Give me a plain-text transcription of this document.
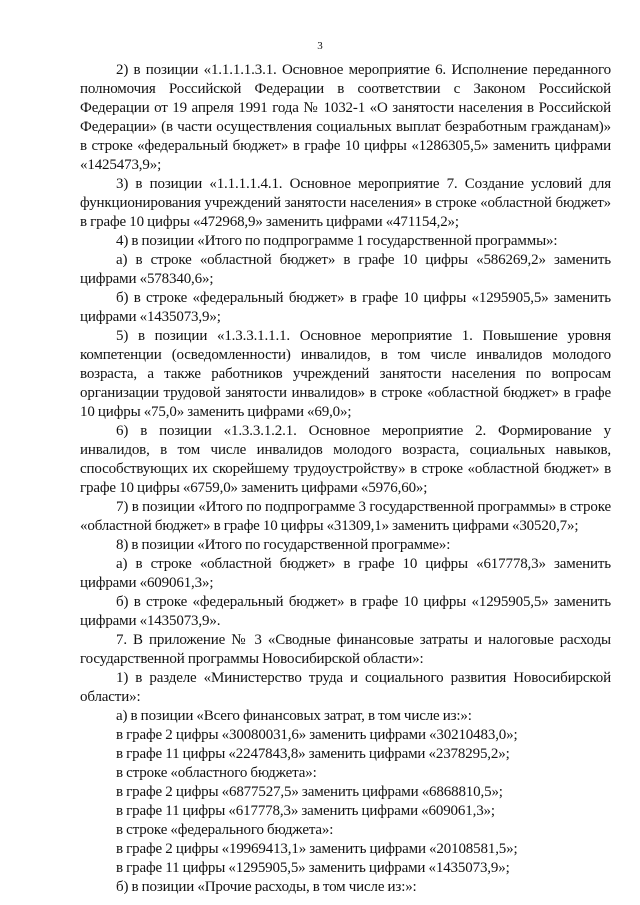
3

2) в позиции «1.1.1.1.3.1. Основное мероприятие 6. Исполнение переданного полномочия Российской Федерации в соответствии с Законом Российской Федерации от 19 апреля 1991 года № 1032-1 «О занятости населения в Российской Федерации» (в части осуществления социальных выплат безработным гражданам)» в строке «федеральный бюджет» в графе 10 цифры «1286305,5» заменить цифрами «1425473,9»;

3) в позиции «1.1.1.1.4.1. Основное мероприятие 7. Создание условий для функционирования учреждений занятости населения» в строке «областной бюджет» в графе 10 цифры «472968,9» заменить цифрами «471154,2»;

4) в позиции «Итого по подпрограмме 1 государственной программы»:

а) в строке «областной бюджет» в графе 10 цифры «586269,2» заменить цифрами «578340,6»;

б) в строке «федеральный бюджет» в графе 10 цифры «1295905,5» заменить цифрами «1435073,9»;

5) в позиции «1.3.3.1.1.1. Основное мероприятие 1. Повышение уровня компетенции (осведомленности) инвалидов, в том числе инвалидов молодого возраста, а также работников учреждений занятости населения по вопросам организации трудовой занятости инвалидов» в строке «областной бюджет» в графе 10 цифры «75,0» заменить цифрами «69,0»;

6) в позиции «1.3.3.1.2.1. Основное мероприятие 2. Формирование у инвалидов, в том числе инвалидов молодого возраста, социальных навыков, способствующих их скорейшему трудоустройству» в строке «областной бюджет» в графе 10 цифры «6759,0» заменить цифрами «5976,60»;

7) в позиции «Итого по подпрограмме 3 государственной программы» в строке «областной бюджет» в графе 10 цифры «31309,1» заменить цифрами «30520,7»;

8) в позиции «Итого по государственной программе»:

а) в строке «областной бюджет» в графе 10 цифры «617778,3» заменить цифрами «609061,3»;

б) в строке «федеральный бюджет» в графе 10 цифры «1295905,5» заменить цифрами «1435073,9».

7. В приложение № 3 «Сводные финансовые затраты и налоговые расходы государственной программы Новосибирской области»:

1) в разделе «Министерство труда и социального развития Новосибирской области»:

а) в позиции «Всего финансовых затрат, в том числе из:»:

в графе 2 цифры «30080031,6» заменить цифрами «30210483,0»;

в графе 11 цифры «2247843,8» заменить цифрами «2378295,2»;

в строке «областного бюджета»:

в графе 2 цифры «6877527,5» заменить цифрами «6868810,5»;

в графе 11 цифры «617778,3» заменить цифрами «609061,3»;

в строке «федерального бюджета»:

в графе 2 цифры «19969413,1» заменить цифрами «20108581,5»;

в графе 11 цифры «1295905,5» заменить цифрами «1435073,9»;

б) в позиции «Прочие расходы, в том числе из:»:
